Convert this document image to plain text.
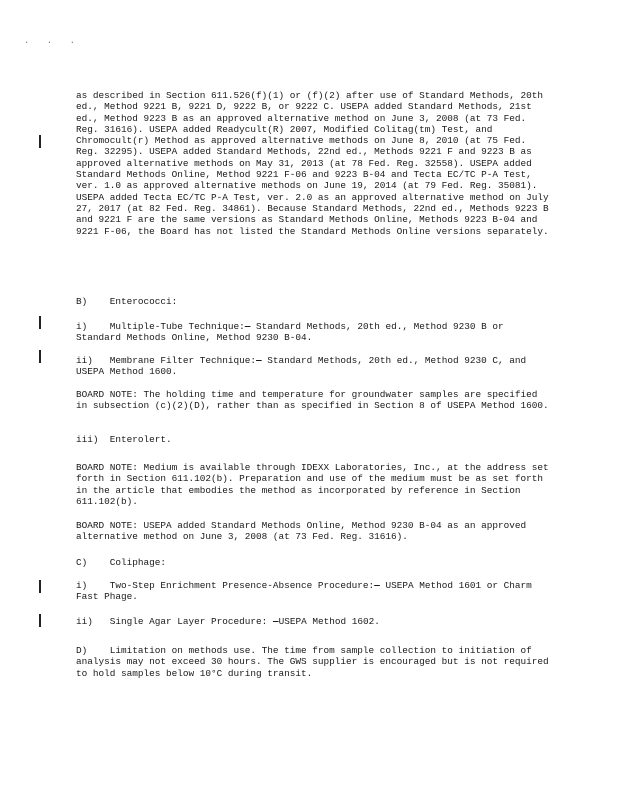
· · ·
as described in Section 611.526(f)(1) or (f)(2) after use of Standard Methods, 20th ed., Method 9221 B, 9221 D, 9222 B, or 9222 C. USEPA added Standard Methods, 21st ed., Method 9223 B as an approved alternative method on June 3, 2008 (at 73 Fed. Reg. 31616). USEPA added Readycult(R) 2007, Modified Colitag(tm) Test, and Chromocult(r) Method as approved alternative methods on June 8, 2010 (at 75 Fed. Reg. 32295). USEPA added Standard Methods, 22nd ed., Methods 9221 F and 9223 B as approved alternative methods on May 31, 2013 (at 78 Fed. Reg. 32558). USEPA added Standard Methods Online, Method 9221 F-06 and 9223 B-04 and Tecta EC/TC P-A Test, ver. 1.0 as approved alternative methods on June 19, 2014 (at 79 Fed. Reg. 35081). USEPA added Tecta EC/TC P-A Test, ver. 2.0 as an approved alternative method on July 27, 2017 (at 82 Fed. Reg. 34861). Because Standard Methods, 22nd ed., Methods 9223 B and 9221 F are the same versions as Standard Methods Online, Methods 9223 B-04 and 9221 F-06, the Board has not listed the Standard Methods Online versions separately.
B)    Enterococci:
i)    Multiple-Tube Technique:  Standard Methods, 20th ed., Method 9230 B or Standard Methods Online, Method 9230 B-04.
ii)   Membrane Filter Technique:  Standard Methods, 20th ed., Method 9230 C, and USEPA Method 1600.
BOARD NOTE: The holding time and temperature for groundwater samples are specified in subsection (c)(2)(D), rather than as specified in Section 8 of USEPA Method 1600.
iii)  Enterolert.
BOARD NOTE: Medium is available through IDEXX Laboratories, Inc., at the address set forth in Section 611.102(b). Preparation and use of the medium must be as set forth in the article that embodies the method as incorporated by reference in Section 611.102(b).
BOARD NOTE: USEPA added Standard Methods Online, Method 9230 B-04 as an approved alternative method on June 3, 2008 (at 73 Fed. Reg. 31616).
C)    Coliphage:
i)    Two-Step Enrichment Presence-Absence Procedure:  USEPA Method 1601 or Charm Fast Phage.
ii)   Single Agar Layer Procedure: USEPA Method 1602.
D)    Limitation on methods use. The time from sample collection to initiation of analysis may not exceed 30 hours. The GWS supplier is encouraged but is not required to hold samples below 10°C during transit.
